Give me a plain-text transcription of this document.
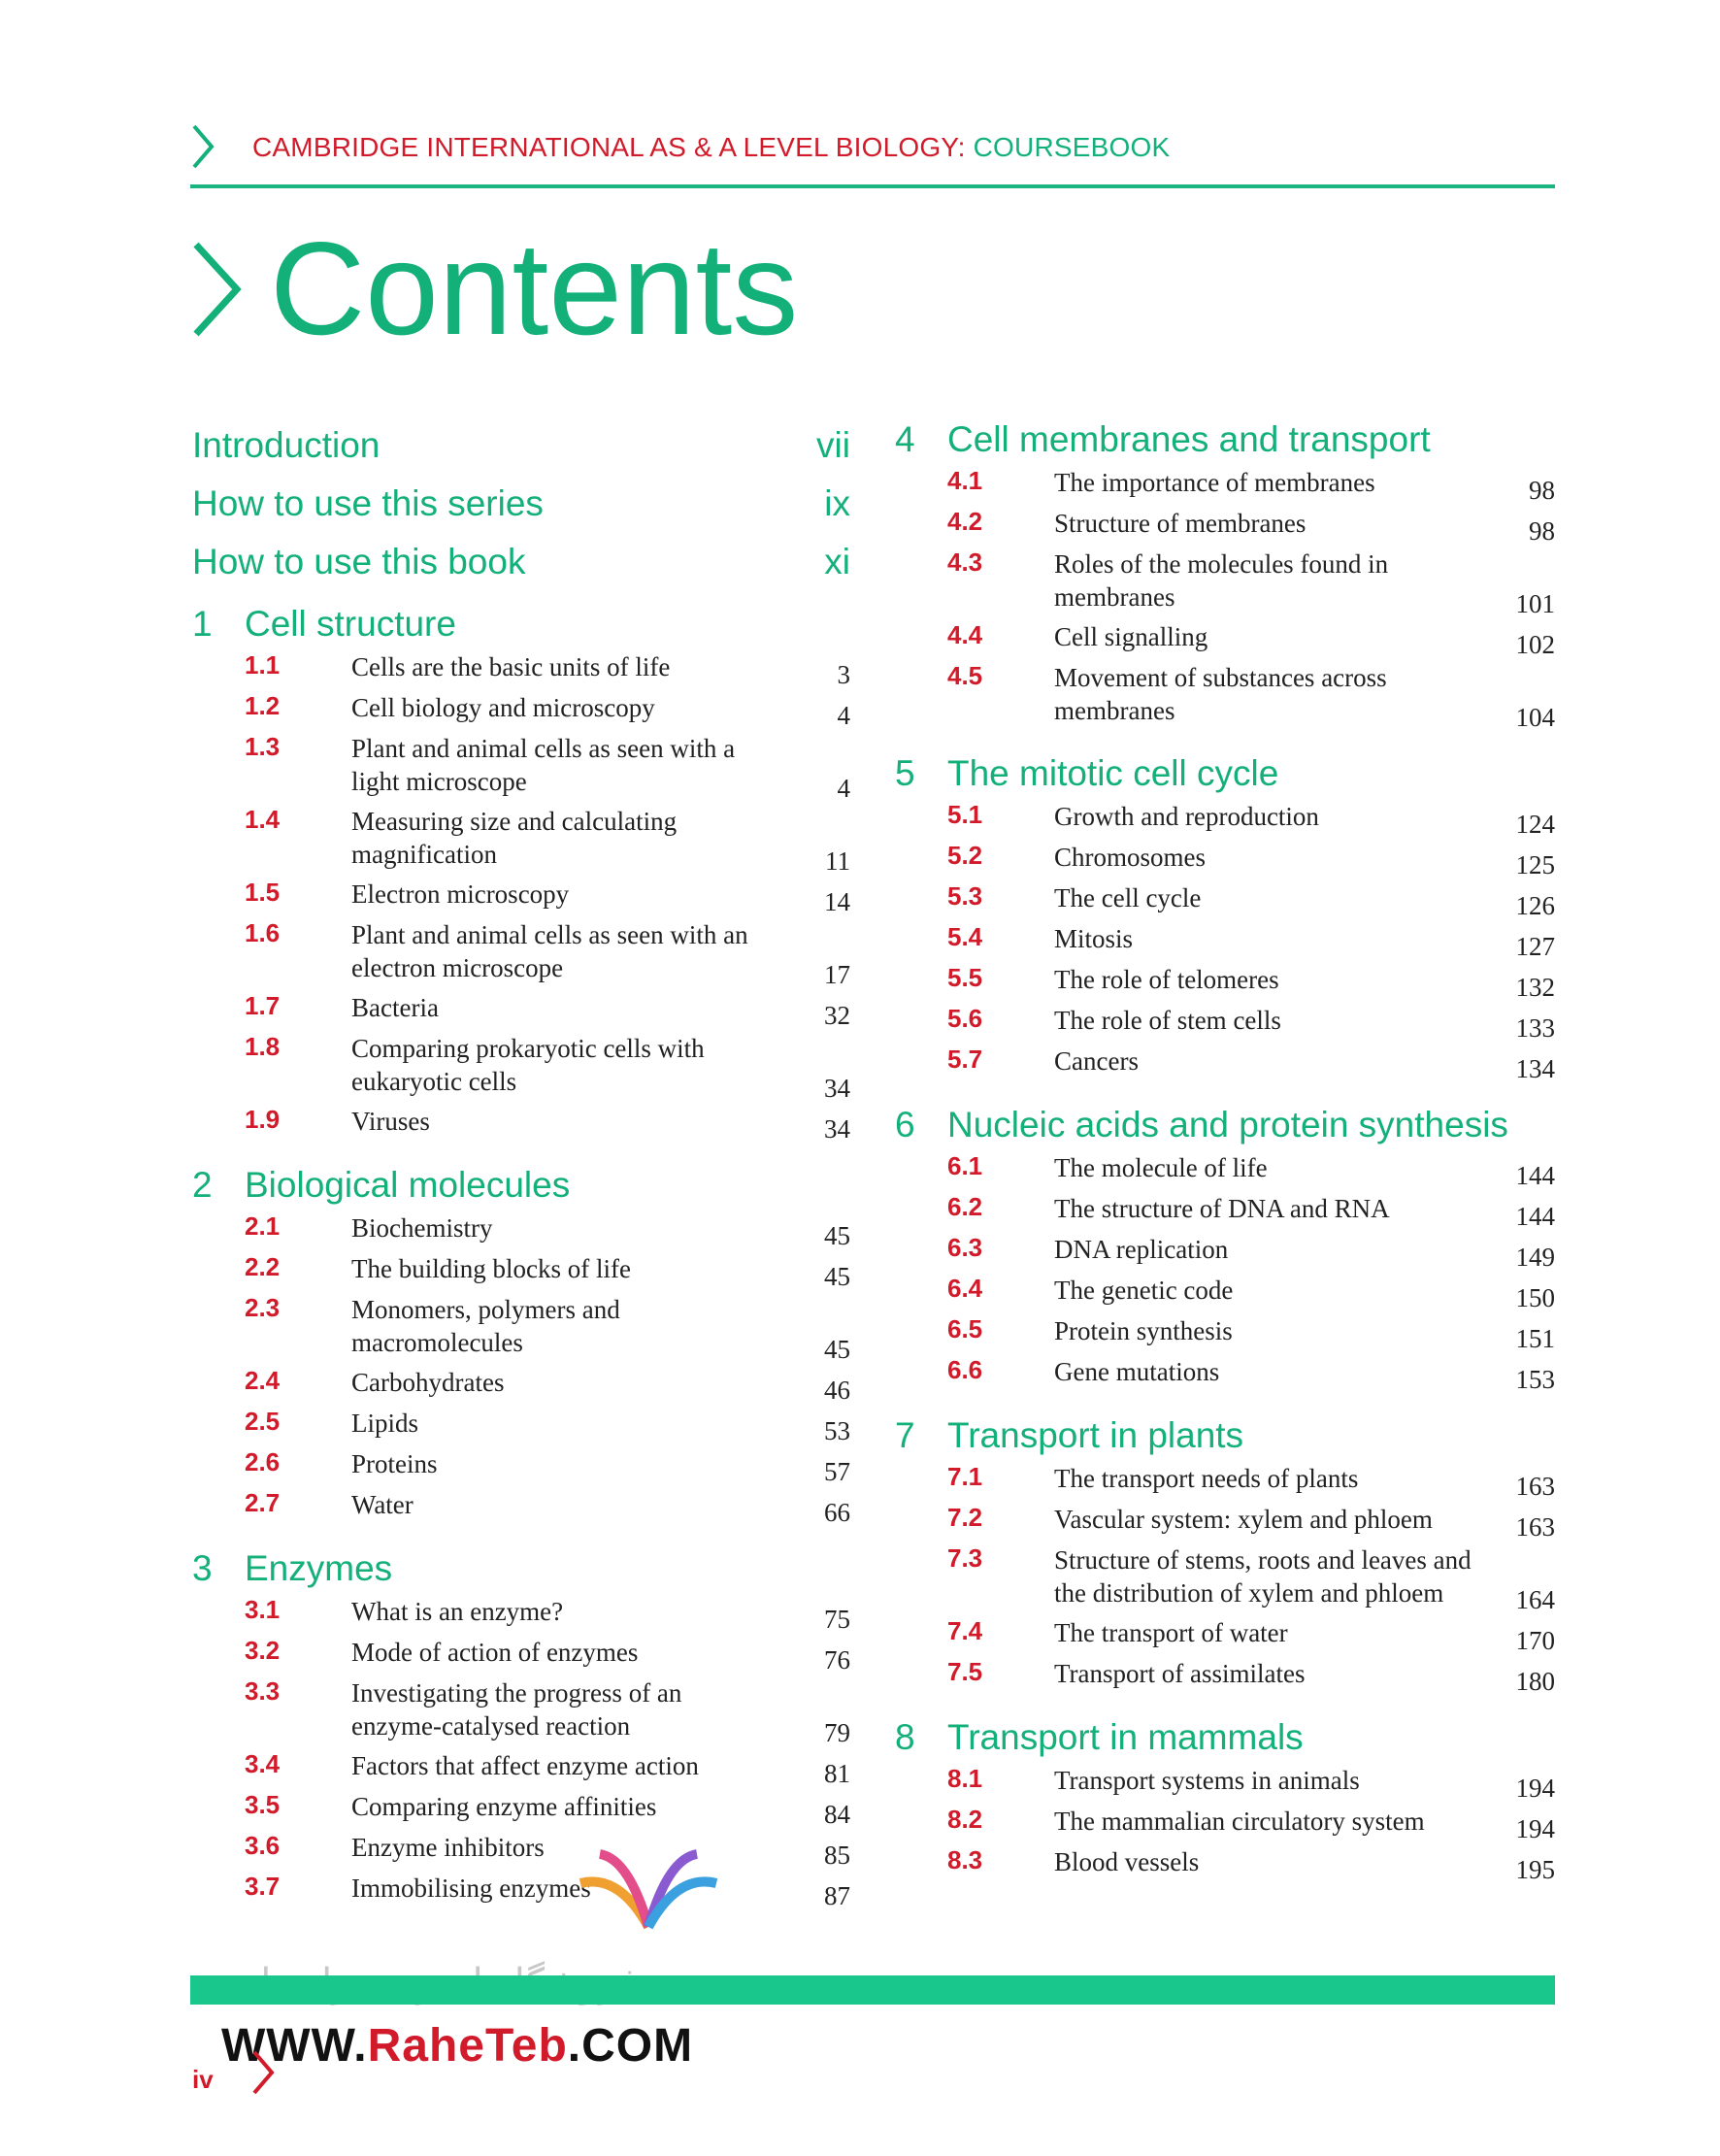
CAMBRIDGE INTERNATIONAL AS & A LEVEL BIOLOGY: COURSEBOOK
Contents
Introduction	vii
How to use this series	ix
How to use this book	xi
1 Cell structure
1.1	Cells are the basic units of life	3
1.2	Cell biology and microscopy	4
1.3	Plant and animal cells as seen with a light microscope	4
1.4	Measuring size and calculating magnification	11
1.5	Electron microscopy	14
1.6	Plant and animal cells as seen with an electron microscope	17
1.7	Bacteria	32
1.8	Comparing prokaryotic cells with eukaryotic cells	34
1.9	Viruses	34
2 Biological molecules
2.1	Biochemistry	45
2.2	The building blocks of life	45
2.3	Monomers, polymers and macromolecules	45
2.4	Carbohydrates	46
2.5	Lipids	53
2.6	Proteins	57
2.7	Water	66
3 Enzymes
3.1	What is an enzyme?	75
3.2	Mode of action of enzymes	76
3.3	Investigating the progress of an enzyme-catalysed reaction	79
3.4	Factors that affect enzyme action	81
3.5	Comparing enzyme affinities	84
3.6	Enzyme inhibitors	85
3.7	Immobilising enzymes	87
4 Cell membranes and transport
4.1	The importance of membranes	98
4.2	Structure of membranes	98
4.3	Roles of the molecules found in membranes	101
4.4	Cell signalling	102
4.5	Movement of substances across membranes	104
5 The mitotic cell cycle
5.1	Growth and reproduction	124
5.2	Chromosomes	125
5.3	The cell cycle	126
5.4	Mitosis	127
5.5	The role of telomeres	132
5.6	The role of stem cells	133
5.7	Cancers	134
6 Nucleic acids and protein synthesis
6.1	The molecule of life	144
6.2	The structure of DNA and RNA	144
6.3	DNA replication	149
6.4	The genetic code	150
6.5	Protein synthesis	151
6.6	Gene mutations	153
7 Transport in plants
7.1	The transport needs of plants	163
7.2	Vascular system: xylem and phloem	163
7.3	Structure of stems, roots and leaves and the distribution of xylem and phloem	164
7.4	The transport of water	170
7.5	Transport of assimilates	180
8 Transport in mammals
8.1	Transport systems in animals	194
8.2	The mammalian circulatory system	194
8.3	Blood vessels	195
WWW.RaheTeb.COM
iv
